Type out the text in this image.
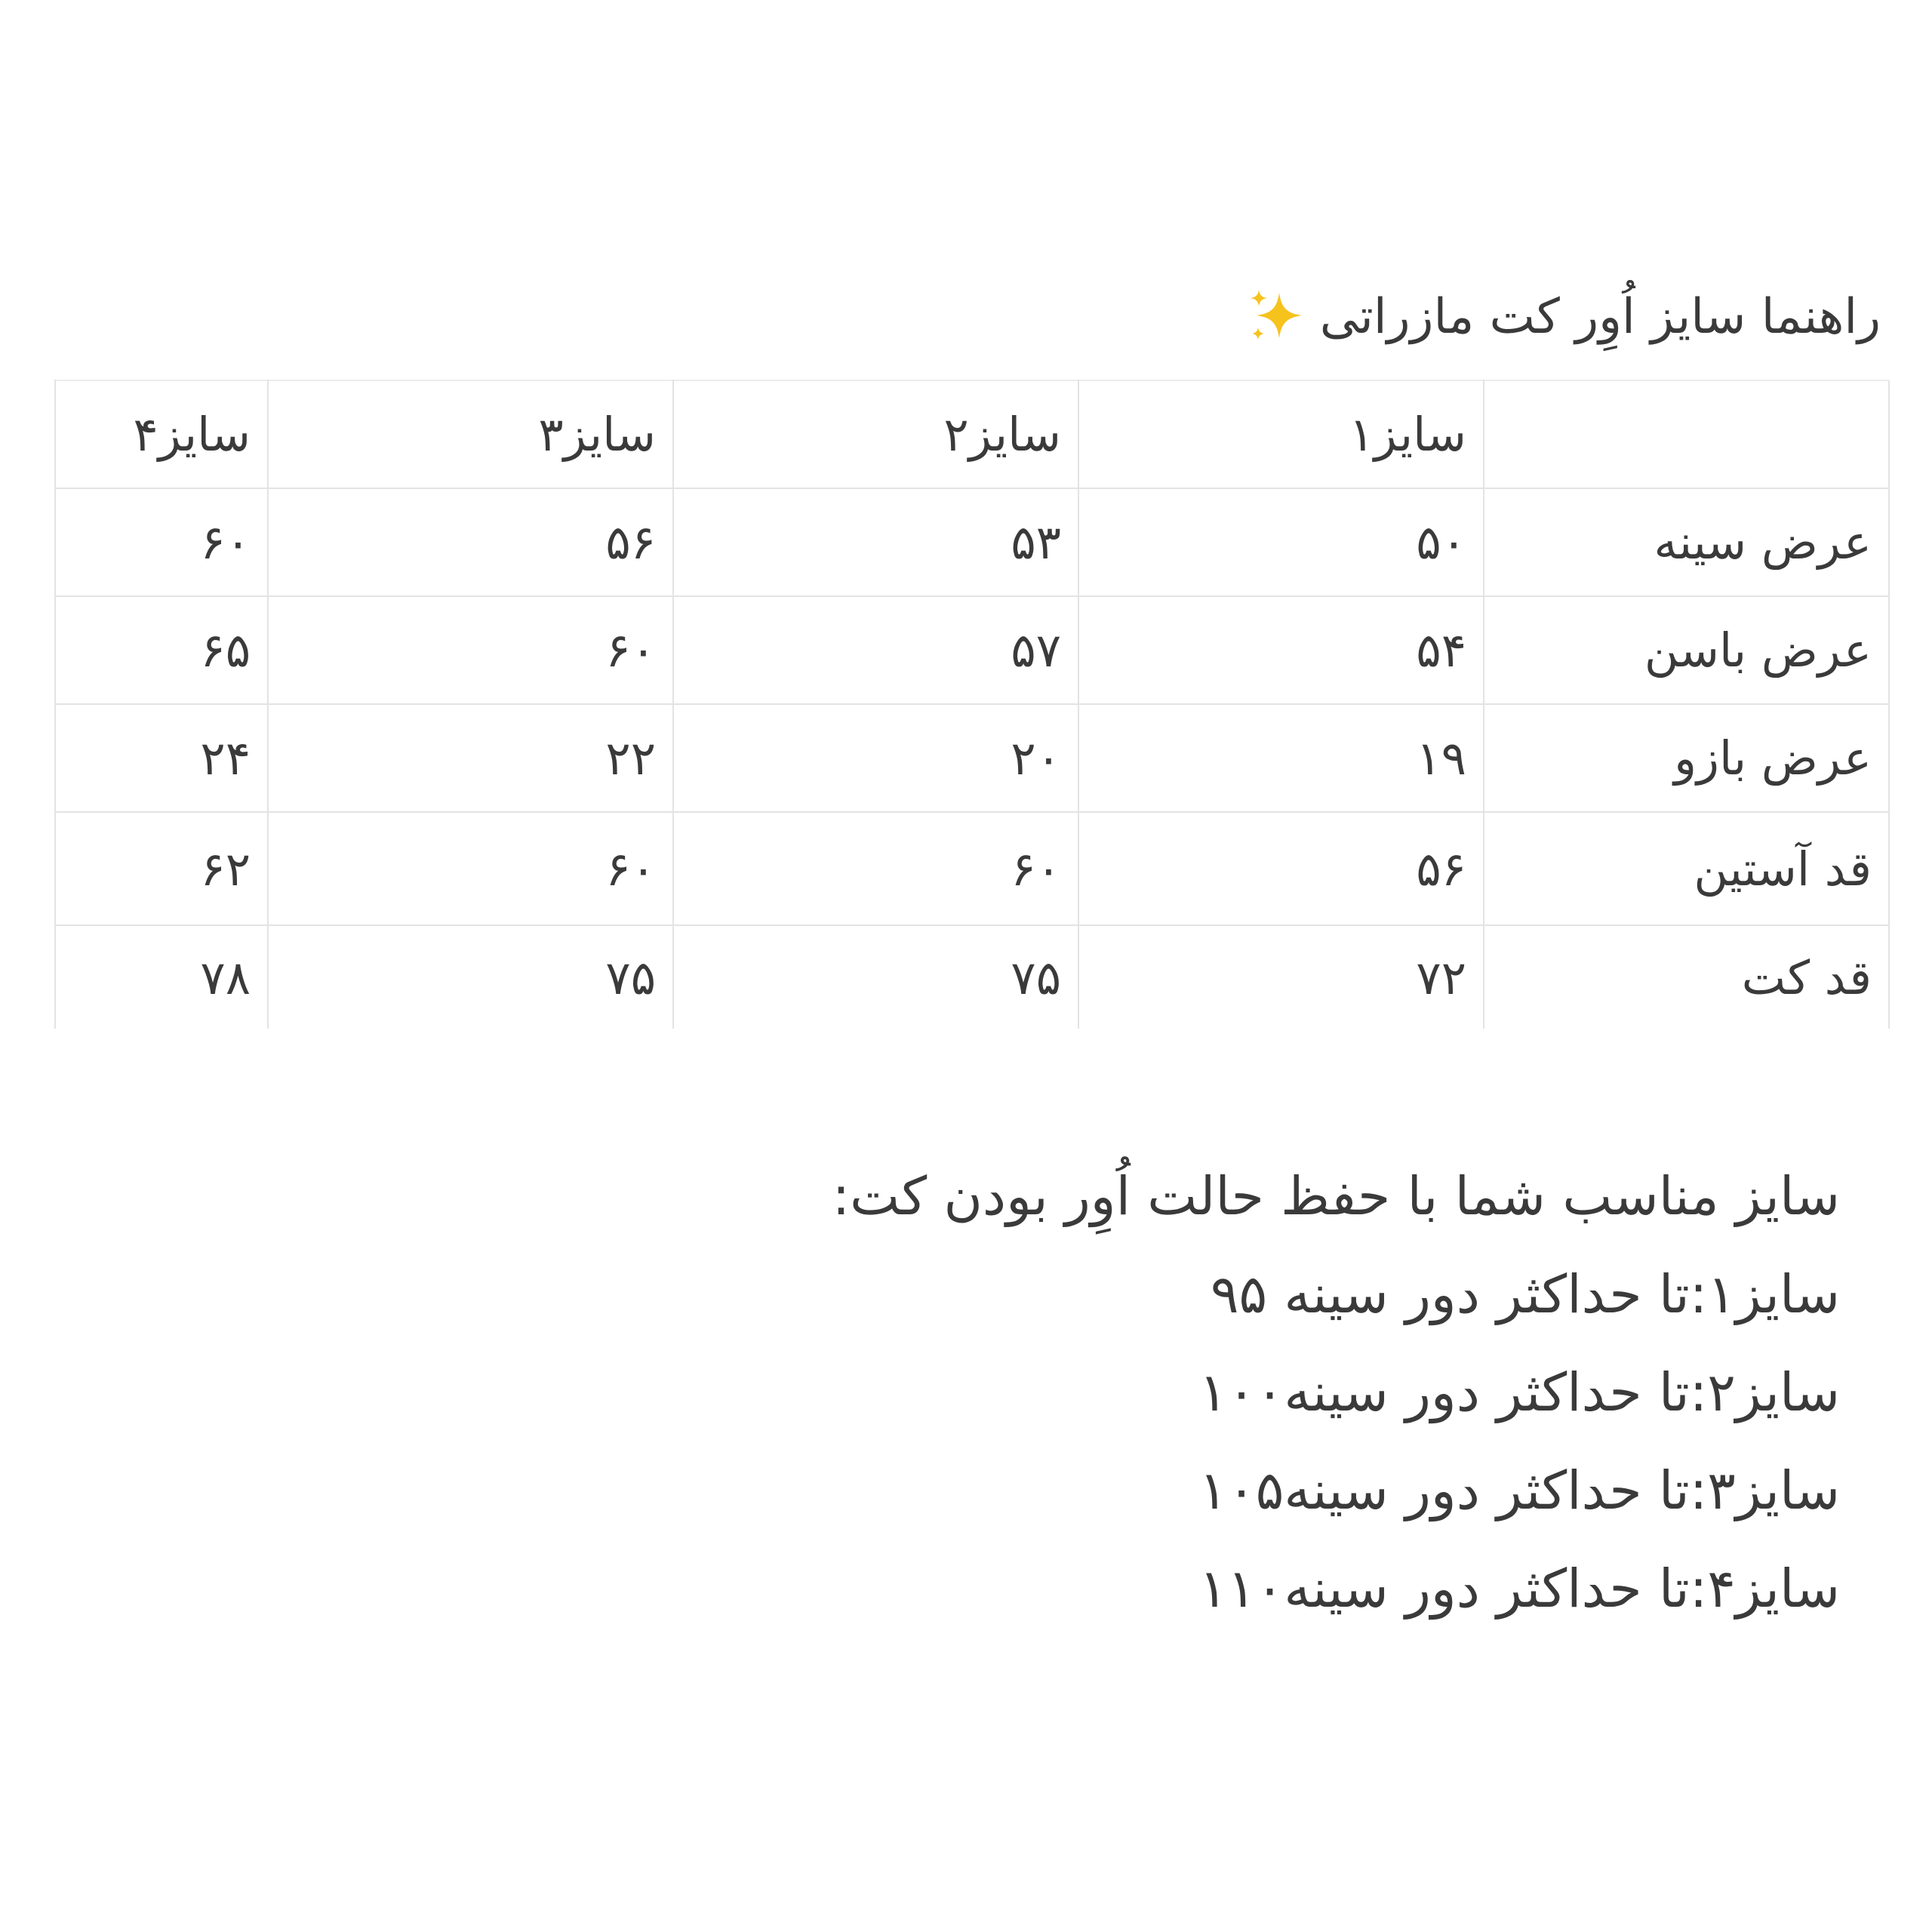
راهنما سایز اُوِر کت مازراتی
	سایز۱	سایز۲	سایز۳	سایز۴
عرض سینه	۵۰	۵۳	۵۶	۶۰
عرض باسن	۵۴	۵۷	۶۰	۶۵
عرض بازو	۱۹	۲۰	۲۲	۲۴
قد آستین	۵۶	۶۰	۶۰	۶۲
قد کت	۷۲	۷۵	۷۵	۷۸

سایز مناسب شما با حفظ حالت اُوِر بودن کت:

سایز۱:تا حداکثر دور سینه ۹۵

سایز۲:تا حداکثر دور سینه۱۰۰

سایز۳:تا حداکثر دور سینه۱۰۵

سایز۴:تا حداکثر دور سینه۱۱۰
